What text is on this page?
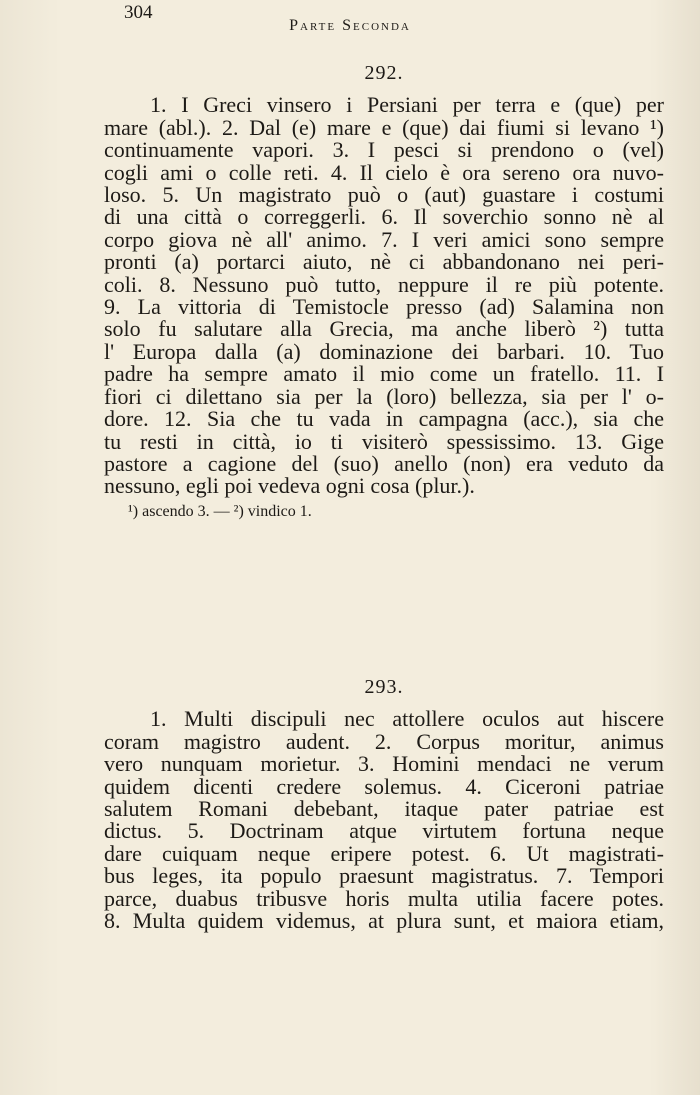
304
Parte Seconda
292.
1. I Greci vinsero i Persiani per terra e (que) per
mare (abl.). 2. Dal (e) mare e (que) dai fiumi si levano ¹)
continuamente vapori. 3. I pesci si prendono o (vel)
cogli ami o colle reti. 4. Il cielo è ora sereno ora nuvo-
loso. 5. Un magistrato può o (aut) guastare i costumi
di una città o correggerli. 6. Il soverchio sonno nè al
corpo giova nè all' animo. 7. I veri amici sono sempre
pronti (a) portarci aiuto, nè ci abbandonano nei peri-
coli. 8. Nessuno può tutto, neppure il re più potente.
9. La vittoria di Temistocle presso (ad) Salamina non
solo fu salutare alla Grecia, ma anche liberò ²) tutta
l' Europa dalla (a) dominazione dei barbari. 10. Tuo
padre ha sempre amato il mio come un fratello. 11. I
fiori ci dilettano sia per la (loro) bellezza, sia per l' o-
dore. 12. Sia che tu vada in campagna (acc.), sia che
tu resti in città, io ti visiterò spessissimo. 13. Gige
pastore a cagione del (suo) anello (non) era veduto da
nessuno, egli poi vedeva ogni cosa (plur.).
¹) ascendo 3. — ²) vindico 1.
293.
1. Multi discipuli nec attollere oculos aut hiscere
coram magistro audent. 2. Corpus moritur, animus
vero nunquam morietur. 3. Homini mendaci ne verum
quidem dicenti credere solemus. 4. Ciceroni patriae
salutem Romani debebant, itaque pater patriae est
dictus. 5. Doctrinam atque virtutem fortuna neque
dare cuiquam neque eripere potest. 6. Ut magistrati-
bus leges, ita populo praesunt magistratus. 7. Tempori
parce, duabus tribusve horis multa utilia facere potes.
8. Multa quidem videmus, at plura sunt, et maiora etiam,
